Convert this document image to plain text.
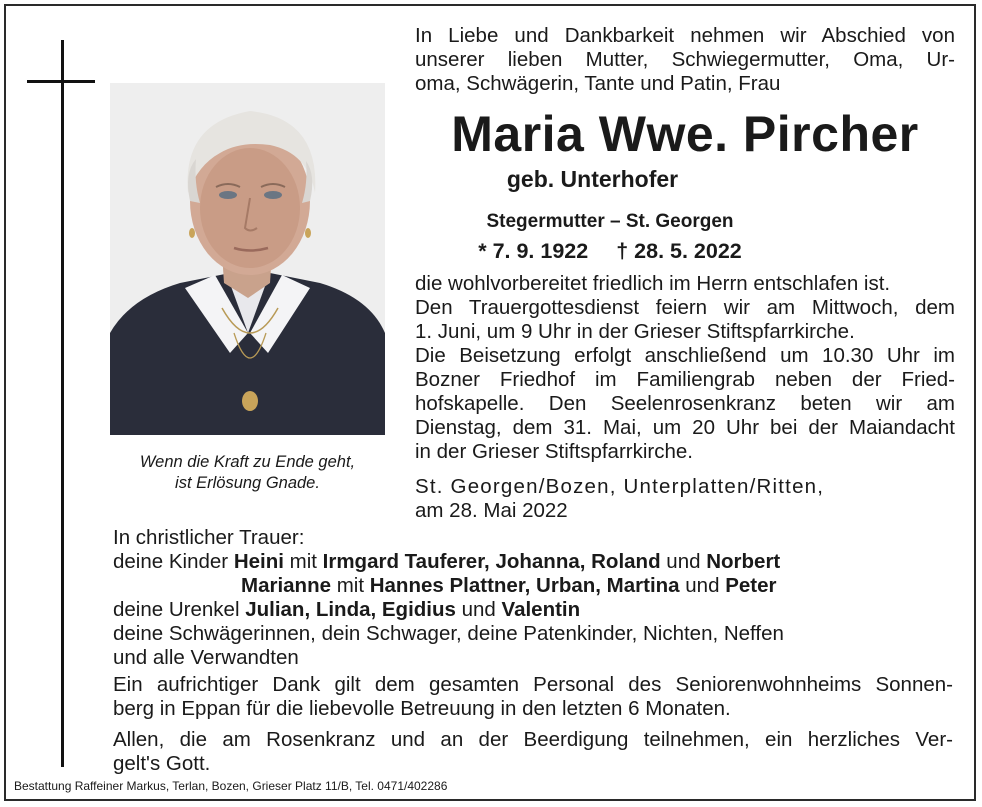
Wenn die Kraft zu Ende geht,
ist Erlösung Gnade.
In Liebe und Dankbarkeit nehmen wir Abschied von
unserer lieben Mutter, Schwiegermutter, Oma, Ur-
oma, Schwägerin, Tante und Patin, Frau
Maria Wwe. Pircher
geb. Unterhofer
Stegermutter – St. Georgen
* 7. 9. 1922 † 28. 5. 2022
die wohlvorbereitet friedlich im Herrn entschlafen ist.
Den Trauergottesdienst feiern wir am Mittwoch, dem
1. Juni, um 9 Uhr in der Grieser Stiftspfarrkirche.
Die Beisetzung erfolgt anschließend um 10.30 Uhr im
Bozner Friedhof im Familiengrab neben der Fried-
hofskapelle. Den Seelenrosenkranz beten wir am
Dienstag, dem 31. Mai, um 20 Uhr bei der Maiandacht
in der Grieser Stiftspfarrkirche.
St. Georgen/Bozen, Unterplatten/Ritten,
am 28. Mai 2022
In christlicher Trauer:
deine Kinder Heini mit Irmgard Tauferer, Johanna, Roland und Norbert
Marianne mit Hannes Plattner, Urban, Martina und Peter
deine Urenkel Julian, Linda, Egidius und Valentin
deine Schwägerinnen, dein Schwager, deine Patenkinder, Nichten, Neffen
und alle Verwandten
Ein aufrichtiger Dank gilt dem gesamten Personal des Seniorenwohnheims Sonnen-
berg in Eppan für die liebevolle Betreuung in den letzten 6 Monaten.
Allen, die am Rosenkranz und an der Beerdigung teilnehmen, ein herzliches Ver-
gelt's Gott.
Bestattung Raffeiner Markus, Terlan, Bozen, Grieser Platz 11/B, Tel. 0471/402286
